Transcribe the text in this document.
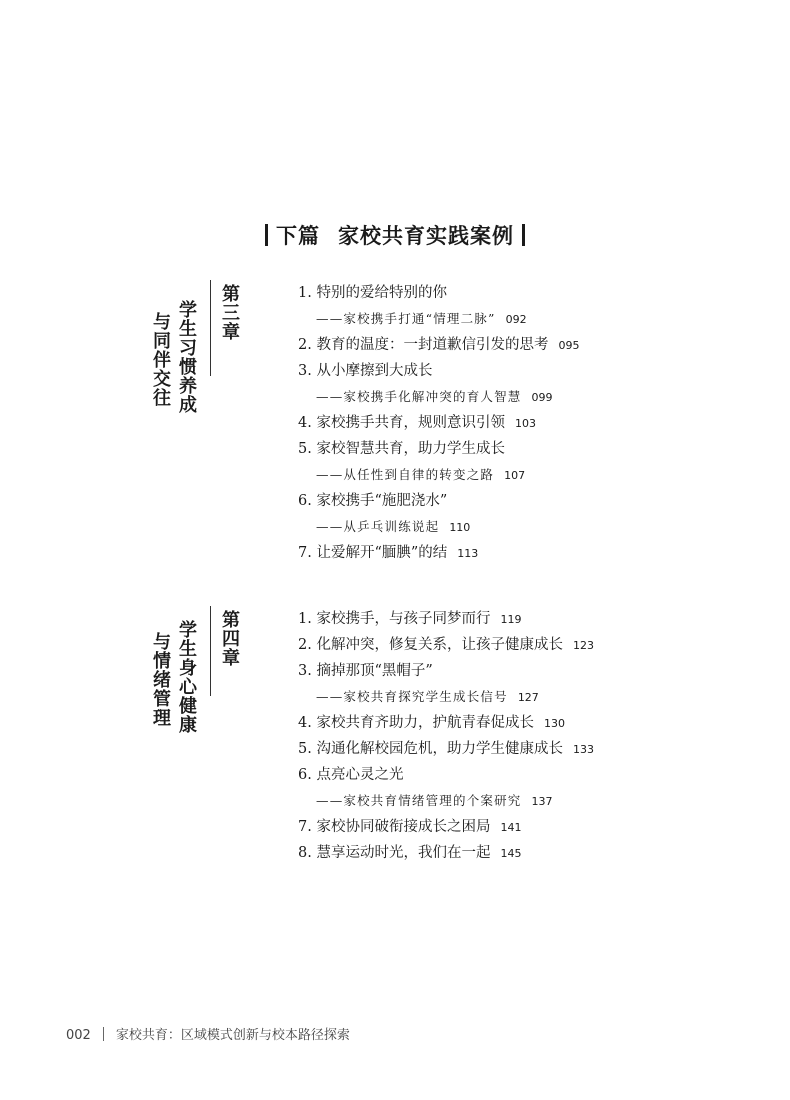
下篇 家校共育实践案例
与同伴交往 学生习惯养成 第三章	1. 特别的爱给特别的你
——家校携手打通“情理二脉” 092
2. 教育的温度：一封道歉信引发的思考 095
3. 从小摩擦到大成长
——家校携手化解冲突的育人智慧 099
4. 家校携手共育，规则意识引领 103
5. 家校智慧共育，助力学生成长
——从任性到自律的转变之路 107
6. 家校携手“施肥浇水”
——从乒乓训练说起 110
7. 让爱解开“腼腆”的结 113
与情绪管理 学生身心健康 第四章	1. 家校携手，与孩子同梦而行 119
2. 化解冲突，修复关系，让孩子健康成长 123
3. 摘掉那顶“黑帽子”
——家校共育探究学生成长信号 127
4. 家校共育齐助力，护航青春促成长 130
5. 沟通化解校园危机，助力学生健康成长 133
6. 点亮心灵之光
——家校共育情绪管理的个案研究 137
7. 家校协同破衔接成长之困局 141
8. 慧享运动时光，我们在一起 145
002 家校共育：区域模式创新与校本路径探索
